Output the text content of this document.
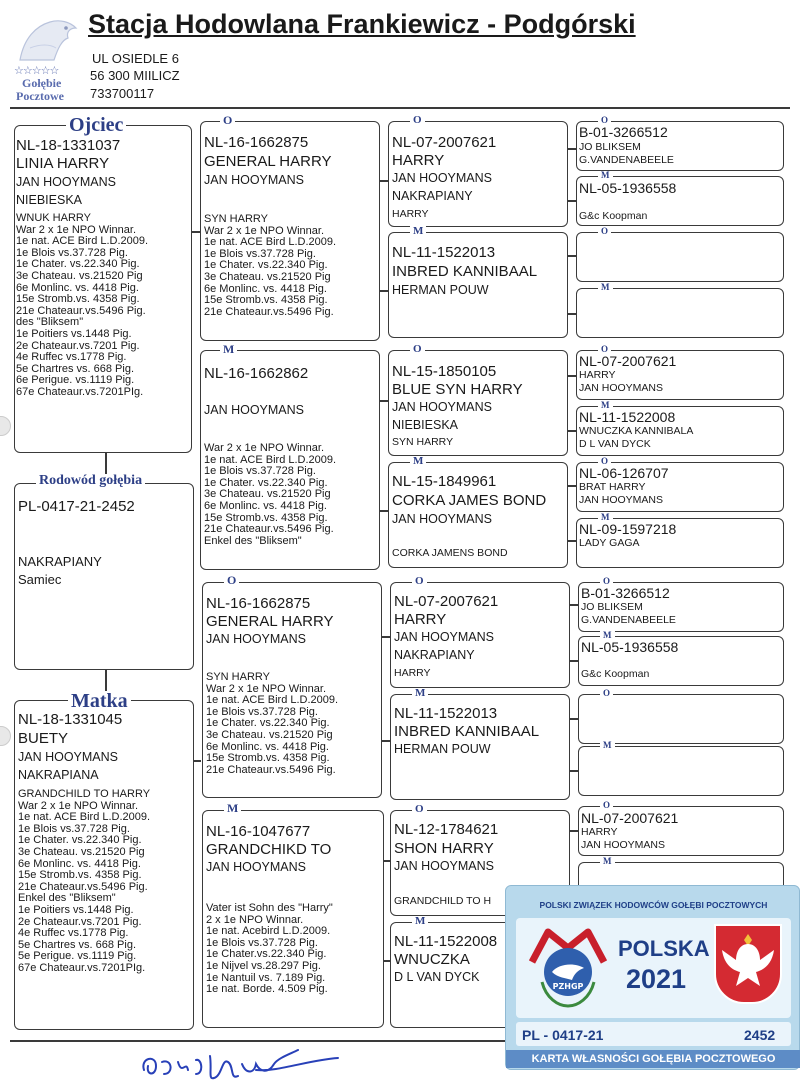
☆☆☆☆☆
Gołębie
Pocztowe
Stacja Hodowlana Frankiewicz - Podgórski
UL OSIEDLE 6
56 300 MIILICZ
733700117
Ojciec
NL-18-1331037
LINIA HARRY
JAN HOOYMANS
NIEBIESKA
WNUK HARRY
War 2 x 1e NPO Winnar.
1e nat. ACE Bird L.D.2009.
1e Blois vs.37.728 Pig.
1e Chater. vs.22.340 Pig.
3e Chateau. vs.21520 Pig
6e Monlinc. vs. 4418 Pig.
15e Stromb.vs. 4358 Pig.
21e Chateaur.vs.5496 Pig.
des "Bliksem"
1e Poitiers vs.1448 Pig.
2e Chateaur.vs.7201 Pig.
4e Ruffec vs.1778 Pig.
5e Chartres vs. 668 Pig.
6e Perigue. vs.1119 Pig.
67e Chateaur.vs.7201PIg.
Rodowód gołębia
PL-0417-21-2452
NAKRAPIANY
Samiec
Matka
NL-18-1331045
BUETY
JAN HOOYMANS
NAKRAPIANA
GRANDCHILD TO HARRY
War 2 x 1e NPO Winnar.
1e nat. ACE Bird L.D.2009.
1e Blois vs.37.728 Pig.
1e Chater. vs.22.340 Pig.
3e Chateau. vs.21520 Pig
6e Monlinc. vs. 4418 Pig.
15e Stromb.vs. 4358 Pig.
21e Chateaur.vs.5496 Pig.
Enkel des "Bliksem"
1e Poitiers vs.1448 Pig.
2e Chateaur.vs.7201 Pig.
4e Ruffec vs.1778 Pig.
5e Chartres vs. 668 Pig.
5e Perigue. vs.1119 Pig.
67e Chateaur.vs.7201PIg.
O
NL-16-1662875
GENERAL HARRY
JAN HOOYMANS
SYN HARRY
War 2 x 1e NPO Winnar.
1e nat. ACE Bird L.D.2009.
1e Blois vs.37.728 Pig.
1e Chater. vs.22.340 Pig.
3e Chateau. vs.21520 Pig
6e Monlinc. vs. 4418 Pig.
15e Stromb.vs. 4358 Pig.
21e Chateaur.vs.5496 Pig.
M
NL-16-1662862
JAN HOOYMANS
War 2 x 1e NPO Winnar.
1e nat. ACE Bird L.D.2009.
1e Blois vs.37.728 Pig.
1e Chater. vs.22.340 Pig.
3e Chateau. vs.21520 Pig
6e Monlinc. vs. 4418 Pig.
15e Stromb.vs. 4358 Pig.
21e Chateaur.vs.5496 Pig.
Enkel des "Bliksem"
O
NL-16-1662875
GENERAL HARRY
JAN HOOYMANS
SYN HARRY
War 2 x 1e NPO Winnar.
1e nat. ACE Bird L.D.2009.
1e Blois vs.37.728 Pig.
1e Chater. vs.22.340 Pig.
3e Chateau. vs.21520 Pig
6e Monlinc. vs. 4418 Pig.
15e Stromb.vs. 4358 Pig.
21e Chateaur.vs.5496 Pig.
M
NL-16-1047677
GRANDCHIKD TO
JAN HOOYMANS
Vater ist Sohn des "Harry"
2 x 1e NPO Winnar.
1e nat. Acebird L.D.2009.
1e Blois vs.37.728 Pig.
1e Chater.vs.22.340 Pig.
1e Nijvel vs.28.297 Pig.
1e Nantuil vs. 7.189 Pig.
1e nat. Borde. 4.509 Pig.
O
NL-07-2007621
HARRY
JAN HOOYMANS
NAKRAPIANY
HARRY
M
NL-11-1522013
INBRED KANNIBAAL
HERMAN POUW
O
NL-15-1850105
BLUE SYN HARRY
JAN HOOYMANS
NIEBIESKA
SYN HARRY
M
NL-15-1849961
CORKA JAMES BOND
JAN HOOYMANS
CORKA JAMENS BOND
O
NL-07-2007621
HARRY
JAN HOOYMANS
NAKRAPIANY
HARRY
M
NL-11-1522013
INBRED KANNIBAAL
HERMAN POUW
O
NL-12-1784621
SHON HARRY
JAN HOOYMANS
GRANDCHILD TO H
M
NL-11-1522008
WNUCZKA
D L VAN DYCK
O
B-01-3266512
JO BLIKSEM
G.VANDENABEELE
M
NL-05-1936558
G&c Koopman
O
M
O
NL-07-2007621
HARRY
JAN HOOYMANS
M
NL-11-1522008
WNUCZKA KANNIBALA
D L VAN DYCK
O
NL-06-126707
BRAT HARRY
JAN HOOYMANS
M
NL-09-1597218
LADY GAGA
O
B-01-3266512
JO BLIKSEM
G.VANDENABEELE
M
NL-05-1936558
G&c Koopman
O
M
O
NL-07-2007621
HARRY
JAN HOOYMANS
M
POLSKI ZWIĄZEK HODOWCÓW GOŁĘBI POCZTOWYCH
PZHGP
POLSKA
2021
PL - 0417-21	2452
KARTA WŁASNOŚCI GOŁĘBIA POCZTOWEGO
